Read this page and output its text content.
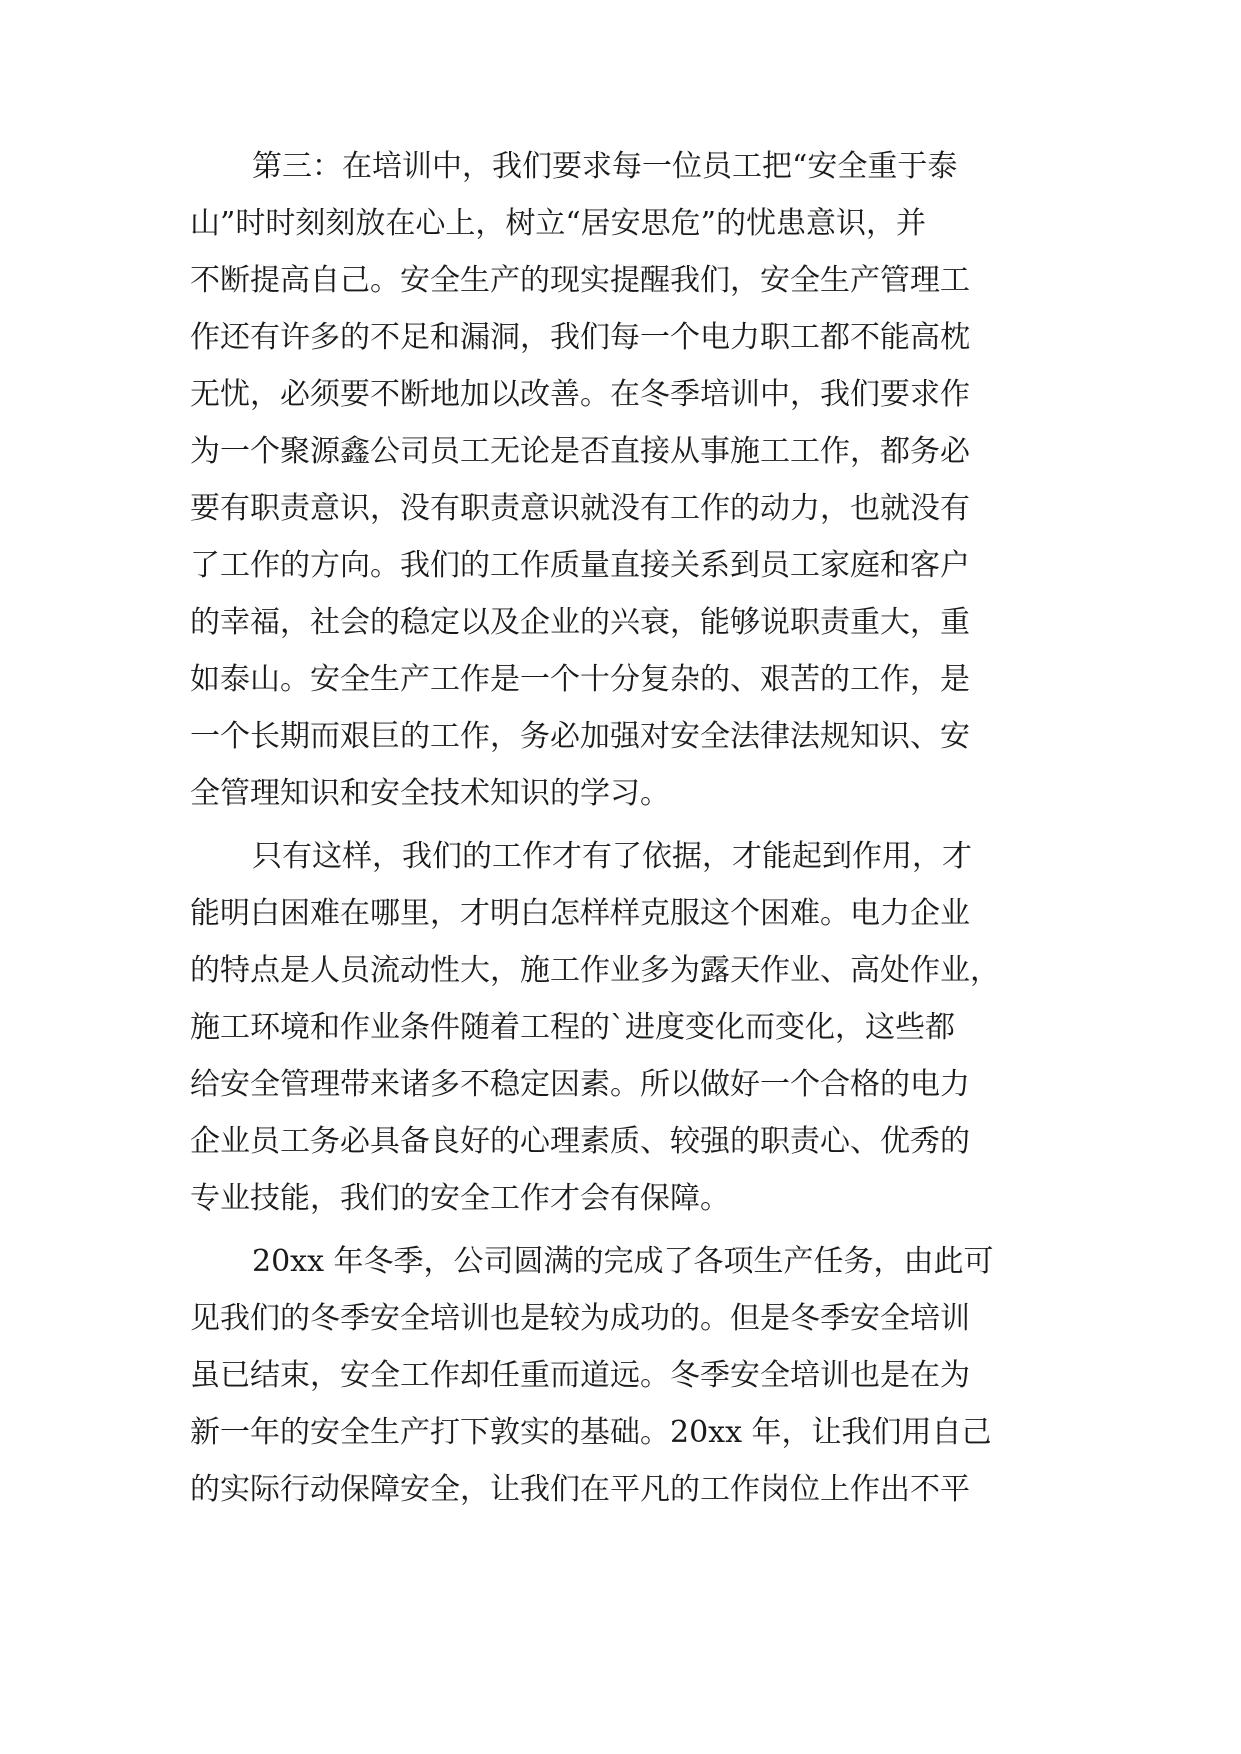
第三：在培训中，我们要求每一位员工把“安全重于泰

山”时时刻刻放在心上，树立“居安思危”的忧患意识，并

不断提高自己。安全生产的现实提醒我们，安全生产管理工

作还有许多的不足和漏洞，我们每一个电力职工都不能高枕

无忧，必须要不断地加以改善。在冬季培训中，我们要求作

为一个聚源鑫公司员工无论是否直接从事施工工作，都务必

要有职责意识，没有职责意识就没有工作的动力，也就没有

了工作的方向。我们的工作质量直接关系到员工家庭和客户

的幸福，社会的稳定以及企业的兴衰，能够说职责重大，重

如泰山。安全生产工作是一个十分复杂的、艰苦的工作，是

一个长期而艰巨的工作，务必加强对安全法律法规知识、安

全管理知识和安全技术知识的学习。

只有这样，我们的工作才有了依据，才能起到作用，才

能明白困难在哪里，才明白怎样样克服这个困难。电力企业

的特点是人员流动性大，施工作业多为露天作业、高处作业，

施工环境和作业条件随着工程的`进度变化而变化，这些都

给安全管理带来诸多不稳定因素。所以做好一个合格的电力

企业员工务必具备良好的心理素质、较强的职责心、优秀的

专业技能，我们的安全工作才会有保障。

20xx 年冬季，公司圆满的完成了各项生产任务，由此可

见我们的冬季安全培训也是较为成功的。但是冬季安全培训

虽已结束，安全工作却任重而道远。冬季安全培训也是在为

新一年的安全生产打下敦实的基础。20xx 年，让我们用自己

的实际行动保障安全，让我们在平凡的工作岗位上作出不平
